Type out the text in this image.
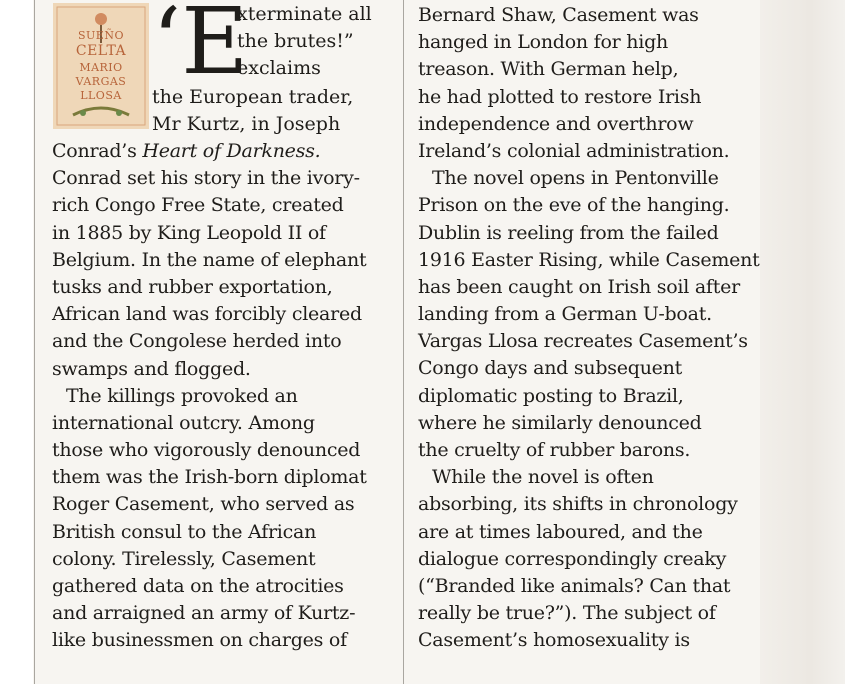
SUEÑO
CELTA
MARIO
VARGAS
LLOSA
‘E
xterminate all
the brutes!”
exclaims
the European trader,
Mr Kurtz, in Joseph
Conrad’s Heart of Darkness.
Conrad set his story in the ivory-
rich Congo Free State, created
in 1885 by King Leopold II of
Belgium. In the name of elephant
tusks and rubber exportation,
African land was forcibly cleared
and the Congolese herded into
swamps and flogged.
The killings provoked an
international outcry. Among
those who vigorously denounced
them was the Irish-born diplomat
Roger Casement, who served as
British consul to the African
colony. Tirelessly, Casement
gathered data on the atrocities
and arraigned an army of Kurtz-
like businessmen on charges of
Bernard Shaw, Casement was
hanged in London for high
treason. With German help,
he had plotted to restore Irish
independence and overthrow
Ireland’s colonial administration.
The novel opens in Pentonville
Prison on the eve of the hanging.
Dublin is reeling from the failed
1916 Easter Rising, while Casement
has been caught on Irish soil after
landing from a German U-boat.
Vargas Llosa recreates Casement’s
Congo days and subsequent
diplomatic posting to Brazil,
where he similarly denounced
the cruelty of rubber barons.
While the novel is often
absorbing, its shifts in chronology
are at times laboured, and the
dialogue correspondingly creaky
(“Branded like animals? Can that
really be true?”). The subject of
Casement’s homosexuality is
